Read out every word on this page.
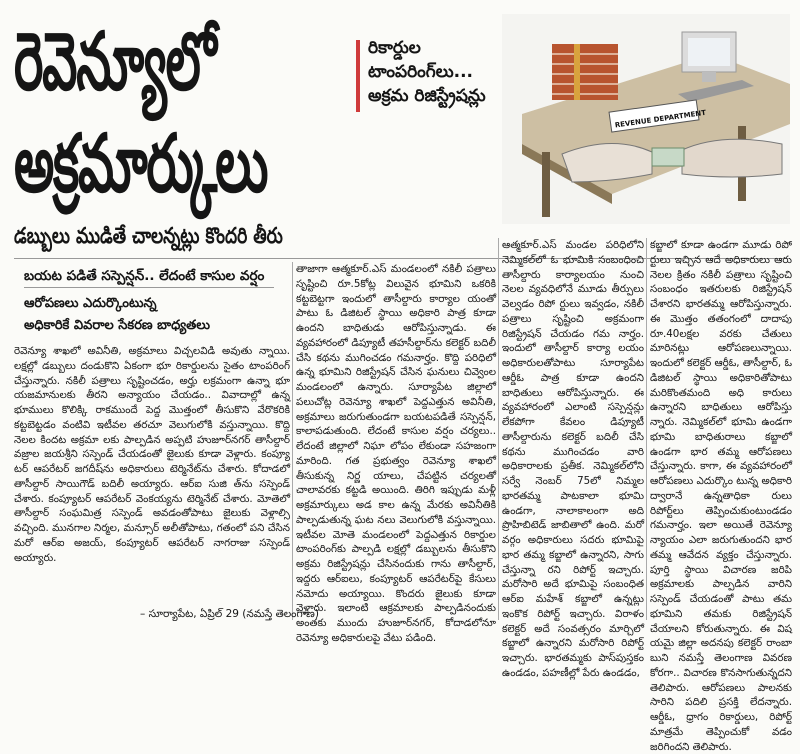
రెవెన్యూలో
అక్రమార్కులు
రికార్డుల
టాంపరింగ్‌లు...
అక్రమ రిజిస్ట్రేషన్లు
REVENUE DEPARTMENT
డబ్బులు ముడితే చాలన్నట్లు కొందరి తీరు
బయట పడితే సస్పెన్షన్‌.. లేదంటే కాసుల వర్షం
ఆరోపణలు ఎదుర్కొంటున్న
అధికారికే వివరాల సేకరణ బాధ్యతలు
రెవెన్యూ శాఖలో అవినీతి, అక్రమాలు విచ్చలవిడి అవుతు న్నాయి. లక్షల్లో డబ్బులు దండుకొని ఏకంగా భూ రికార్డులను సైతం టాంపరింగ్‌ చేస్తున్నారు. నకిలీ పత్రాలు సృష్టించడం, అర్హు లక్రమంగా ఉన్నా భూ యజమానులకు తీరని అన్యాయం చేయడం.. వివాదాల్లో ఉన్న భూములు కొలిక్కి రాకముందే పెద్ద మొత్తంలో తీసుకొని వేరొకరికి కట్టబెట్టడం వంటివి ఇటీవల తరచూ వెలుగులోకి వస్తున్నాయి. కొద్ది నెలల కిందట అక్రమా లకు పాల్పడిన అప్పటి హుజూర్‌నగర్‌ తాసీల్దార్‌ వజ్రాల జయశ్రీని సస్పెండ్‌ చేయడంతో జైలుకు కూడా వెళ్లారు. కంప్యూ టర్‌ ఆపరేటర్‌ జగదీష్‌ను అధికారులు టెర్మినేట్‌ను చేశారు. కోదాడలో తాసీల్దార్‌ సాయిగౌడ్‌ బదిలీ అయ్యారు. ఆర్‌ఐ సుజి త్‌ను సస్పెండ్‌ చేశారు. కంప్యూటర్‌ ఆపరేటర్‌ వెంకయ్యను టెర్మినేట్‌ చేశారు. మోతెలో తాసీల్దార్‌ సంఘమిత్ర సస్పెండ్‌ అవడంతోపాటు జైలుకు వెళ్లాల్సి వచ్చింది. మునగాల నిర్మల, మన్సూర్‌ అలీతోపాటు, గతంలో పని చేసిన మరో ఆర్‌ఐ అజయ్‌, కంప్యూటర్‌ ఆపరేటర్‌ నాగరాజు సస్పెండ్‌ అయ్యారు.
తాజాగా ఆత్మకూర్‌.ఎస్‌ మండలంలో నకిలీ పత్రాలు సృష్టించి రూ.5కోట్ల విలువైన భూమిని ఒకరికి కట్టబెట్టగా ఇందులో తాసీల్దారు కార్యాల యంతో పాటు ఓ డిజిటల్‌ స్థాయి అధికారి పాత్ర కూడా ఉందని బాధితుడు ఆరోపిస్తున్నాడు. ఈ వ్యవహారంలో డిప్యూటీ తహసీల్దార్‌ను కలెక్టర్‌ బదిలీ చేసి కథను ముగించడం గమనార్హం. కొద్ది పరిధిలో ఉన్న భూమిని రిజిస్ట్రేషన్‌ చేసిన ఘనులు చివ్వెంల మండలంలో ఉన్నారు. సూర్యాపేట జిల్లాలో పలుచోట్ల రెవెన్యూ శాఖలో పెద్దఎత్తున అవినీతి, అక్రమాలు జరుగుతుండగా బయటపడితే సస్పెన్షన్‌, కాలాపడుతుంది. లేదంటే కాసుల వర్షం చర్యలు.. లేదంటే జిల్లాలో నిఘా లోపం లేకుండా సహజంగా మారింది. గత ప్రభుత్వం రెవెన్యూ శాఖలో తీసుకున్న నిర్ణ యాలు, చేపట్టిన చర్యలతో చాలావరకు కట్టడి అయింది. తిరిగి ఇప్పుడు మళ్లీ అక్రమార్కులు అడ కాల ఉన్న మేరకు అవినీతికి పాల్పడుతున్న ఘట నలు వెలుగులోకి వస్తున్నాయి. ఇటీవల మోతె మండలంలో పెద్దఎత్తున రికార్డుల టాంపరింగ్‌కు పాల్పడి లక్షల్లో డబ్బులను తీసుకొని అక్రమ రిజిస్ట్రేషన్లు చేసినందుకు గాను తాసీల్దార్‌, ఇద్దరు ఆర్‌ఐలు, కంప్యూటర్‌ ఆపరేటర్‌పై కేసులు నమోదు అయ్యాయి. కొందరు జైలుకు కూడా వెళ్లారు. ఇలాంటి ఆక్రమాలకు పాల్పడినందుకు అంతకు ముందు హుజూర్‌నగర్‌, కోదాడలోనూ రెవెన్యూ అధికారులపై వేటు పడింది.
ఆత్మకూర్‌.ఎస్‌ మండల పరిధిలోని నెమ్మికల్‌లో ఓ భూమికి సంబంధించి తాసీల్దారు కార్యాలయం నుంచి నెలల వ్యవధిలోనే మూడు తీర్పులు వెల్వడం రిపో ర్టులు ఇవ్వడం, నకిలీ పత్రాలు సృష్టించి అక్రమంగా రిజిస్ట్రేషన్‌ చేయడం గమ నార్హం. ఇందులో తాసీల్దార్‌ కార్యా లయం అధికారులతోపాటు సూర్యాపేట ఆర్డీఓ పాత్ర కూడా ఉందని బాధితులు ఆరోపిస్తున్నారు. ఈ వ్యవహారంలో ఎలాంటి సస్పెన్షన్లు లేకపోగా కేవలం డిప్యూటీ తాసీల్దారును కలెక్టర్‌ బదిలీ చేసి కథను ముగించడం వారి అధికారాలకు ప్రతీక. నెమ్మికల్‌లోని సర్వే నెంబర్‌ 75లో నిమ్మల భారతమ్మ పాటకాలా భూమి ఉండగా, నాలాకాలంగా అది ప్రొహిబిటెడ్‌ జాబితాలో ఉంది. మరో వర్గం అధికారులు సదరు భూమిపై భార తమ్మ కబ్జాలో ఉన్నారని, సాగు చేస్తున్నా రని రిపోర్ట్‌ ఇచ్చారు. మరోసారి అదే భూమిపై సంబంధిత ఆర్‌ఐ మహేశ్‌ కబ్జాలో ఉన్నట్లు ఇంకొక రిపోర్ట్‌ ఇచ్చారు. విరాళం కలెక్టర్‌ అదే సంవత్సరం మార్చిలో కబ్జాలో ఉన్నారని మరోసారి రిపోర్ట్‌ ఇచ్చారు. భారతమ్మకు పాస్‌పుస్తకం ఉండడం, పహణీల్లో పేరు ఉండడం,
కబ్జాలో కూడా ఉండగా మూడు రిపో ర్టులు ఇచ్చిన ఆదే అధికారులు ఆరు నెలల క్రితం నకిలీ పత్రాలు సృష్టించి సంబంధం ఇతరులకు రిజిస్ట్రేషన్‌ చేశారని భారతమ్మ ఆరోపిస్తున్నారు. ఈ మొత్తం తతంగంలో దాదాపు రూ.40లక్షల వరకు చేతులు మారినట్లు ఆరోపణలున్నాయి. ఇందులో కలెక్టర్‌ ఆర్డీఓ, తాసీల్దార్‌, ఓ డిజిటల్‌ స్థాయి అధికారితోపాటు మరికొంతమంది అధి కారులు ఉన్నారని బాధితులు ఆరోపిస్తు న్నారు. నెమ్మికల్‌లో భూమి ఉండగా భూమి బాధితురాలు కబ్జాలో ఉండగా భార తమ్మ ఆరోపణలు చేస్తున్నారు. కాగా, ఈ వ్యవహారంలో ఆరోపణలు ఎదుర్కొం టున్న అధికారి ద్వారానే ఉన్నతాధికా రులు రిపోర్ట్‌లు తెప్పించుకుంటుండడం గమనార్హం. ఇలా అయితే రెవెన్యూ న్యాయం ఎలా జరుగుతుందని భార తమ్మ ఆవేదన వ్యక్తం చేస్తున్నారు. పూర్తి స్థాయి విచారణ జరిపి అక్రమాలకు పాల్పడిన వారిని సస్పెండ్‌ చేయడంతో పాటు తమ భూమిని తమకు రిజిస్ట్రేషన్‌ చేయాలని కోరుతున్నారు. ఈ విష యమై జిల్లా అదనపు కలెక్టర్‌ రాంబా బుని నమస్తే తెలంగాణ వివరణ కోరగా.. విచారణ కొనసాగుతున్నదని తెలిపారు. ఆరోపణలు పాలనకు సారిని పదిలి ప్రసక్తి లేదన్నారు. ఆర్డీఓ, ధ్రాగం రికార్డులు, రిపోర్ట్‌ మాత్రమే తెప్పించుకో వడం జరిగిందని తెలిపారు.
– సూర్యాపేట, ఏప్రిల్‌ 29 (నమస్తే తెలంగాణ)
